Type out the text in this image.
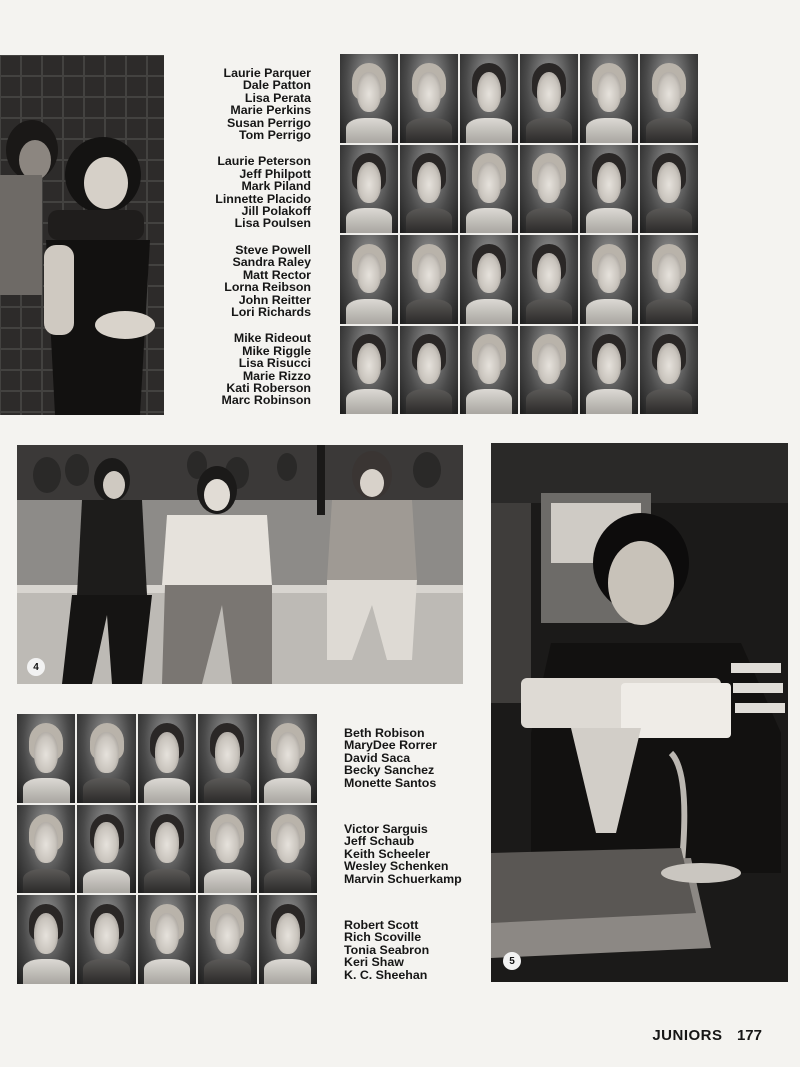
Laurie Parquer
Dale Patton
Lisa Perata
Marie Perkins
Susan Perrigo
Tom Perrigo
Laurie Peterson
Jeff Philpott
Mark Piland
Linnette Placido
Jill Polakoff
Lisa Poulsen
Steve Powell
Sandra Raley
Matt Rector
Lorna Reibson
John Reitter
Lori Richards
Mike Rideout
Mike Riggle
Lisa Risucci
Marie Rizzo
Kati Roberson
Marc Robinson
4
5
Beth Robison
MaryDee Rorrer
David Saca
Becky Sanchez
Monette Santos
Victor Sarguis
Jeff Schaub
Keith Scheeler
Wesley Schenken
Marvin Schuerkamp
Robert Scott
Rich Scoville
Tonia Seabron
Keri Shaw
K. C. Sheehan
JUNIORS 177
